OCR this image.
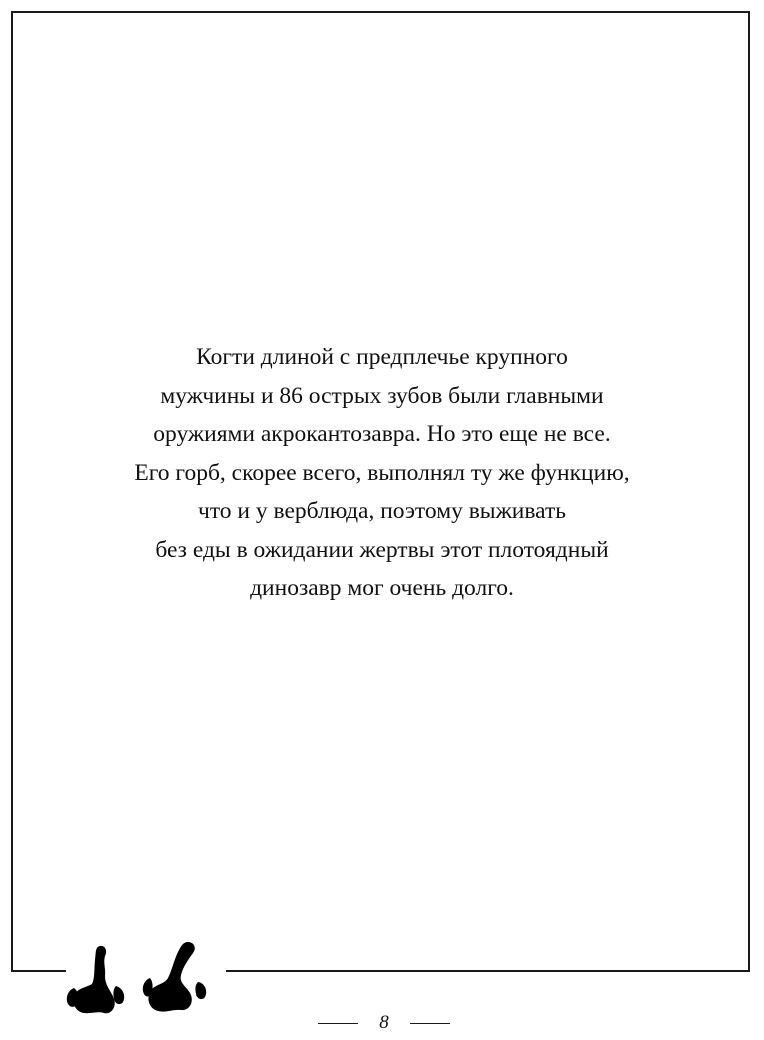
Когти длиной с предплечье крупного
мужчины и 86 острых зубов были главными
оружиями акрокантозавра. Но это еще не все.
Его горб, скорее всего, выполнял ту же функцию,
что и у верблюда, поэтому выживать
без еды в ожидании жертвы этот плотоядный
динозавр мог очень долго.

8
